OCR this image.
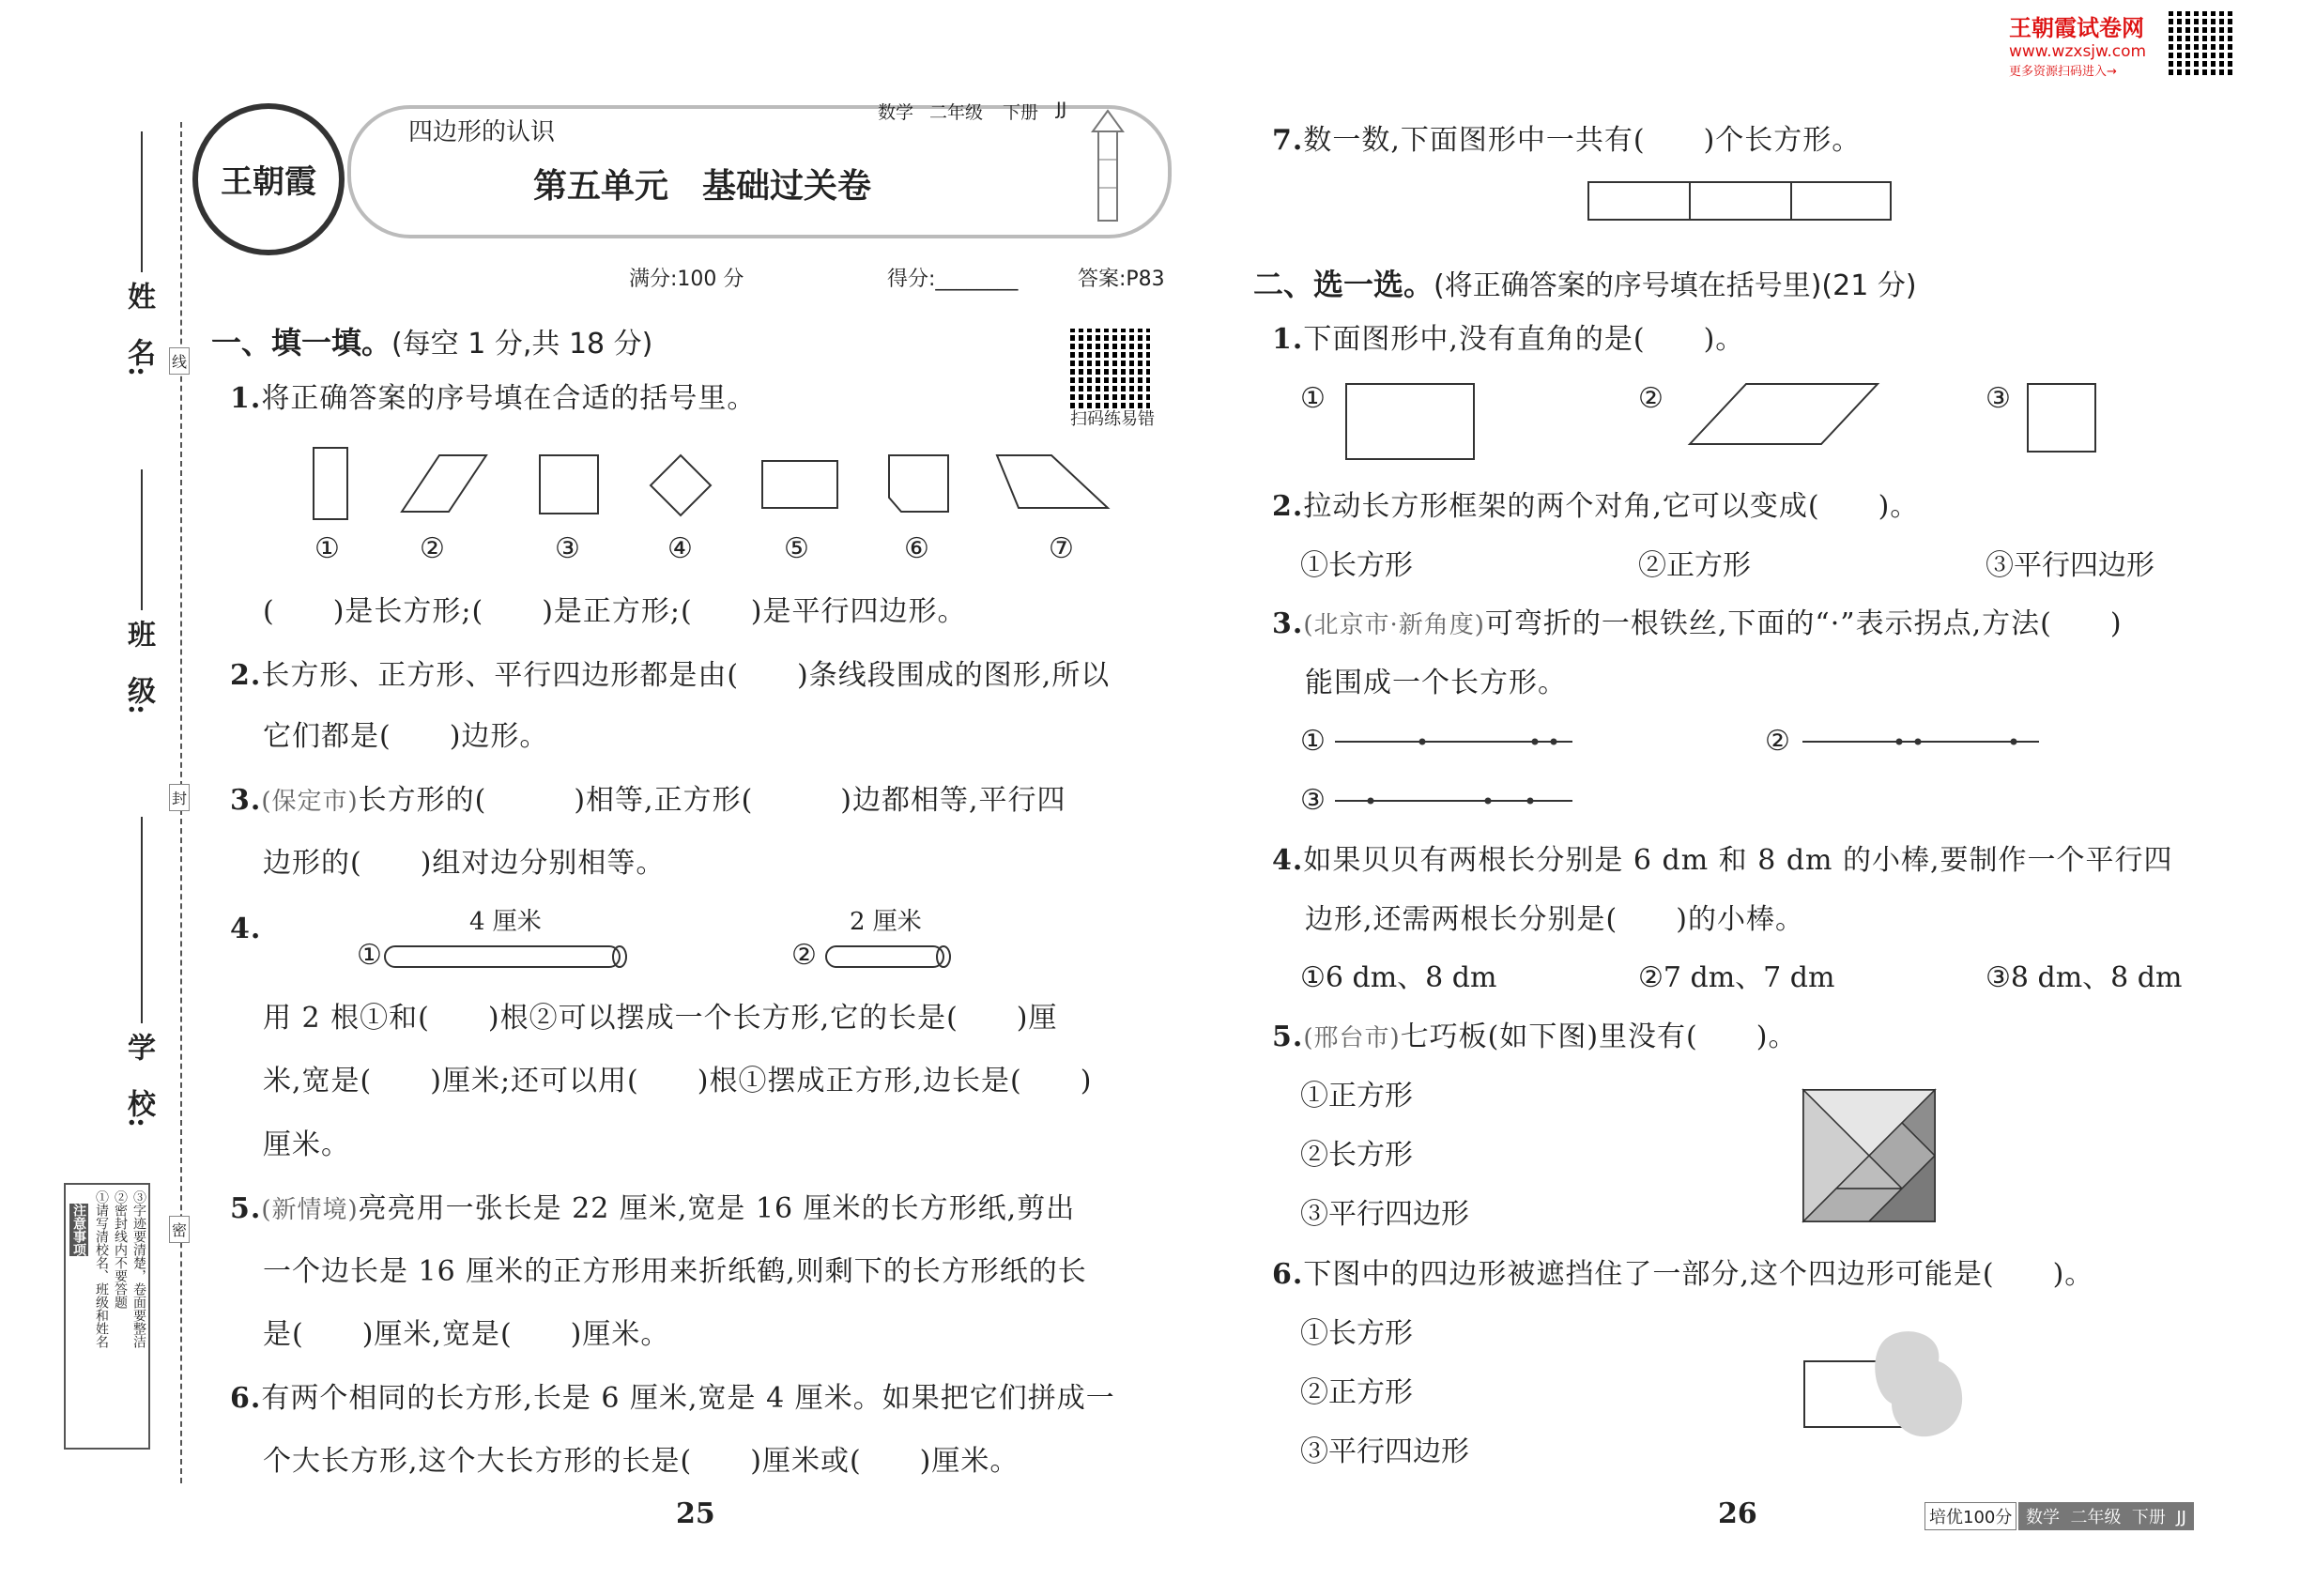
王朝霞试卷网
www.wzxsjw.com
更多资源扫码进入→
姓　名:
班　级:
学　校:
线
封
密
注意事项 ①请写清校名、班级和姓名 ②密封线内不要答题 ③字迹要清楚，卷面要整洁
王朝霞
四边形的认识
数学 二年级 下册 JJ
第五单元　基础过关卷
满分:100 分	得分:________	答案:P83
扫码练易错
一、填一填。(每空 1 分,共 18 分)
1.将正确答案的序号填在合适的括号里。
①	②	③	④	⑤	⑥	⑦
(　　)是长方形;(　　)是正方形;(　　)是平行四边形。
2.长方形、正方形、平行四边形都是由(　　)条线段围成的图形,所以
它们都是(　　)边形。
3.(保定市)长方形的(　　　)相等,正方形(　　　)边都相等,平行四
边形的(　　)组对边分别相等。
4.	4 厘米	2 厘米
①	②
用 2 根①和(　　)根②可以摆成一个长方形,它的长是(　　)厘
米,宽是(　　)厘米;还可以用(　　)根①摆成正方形,边长是(　　)
厘米。
5.(新情境)亮亮用一张长是 22 厘米,宽是 16 厘米的长方形纸,剪出
一个边长是 16 厘米的正方形用来折纸鹤,则剩下的长方形纸的长
是(　　)厘米,宽是(　　)厘米。
6.有两个相同的长方形,长是 6 厘米,宽是 4 厘米。如果把它们拼成一
个大长方形,这个大长方形的长是(　　)厘米或(　　)厘米。
25
7.数一数,下面图形中一共有(　　)个长方形。
二、选一选。(将正确答案的序号填在括号里)(21 分)
1.下面图形中,没有直角的是(　　)。
①	②	③
2.拉动长方形框架的两个对角,它可以变成(　　)。
①长方形	②正方形	③平行四边形
3.(北京市·新角度)可弯折的一根铁丝,下面的“·”表示拐点,方法(　　)
能围成一个长方形。
①	②
③
4.如果贝贝有两根长分别是 6 dm 和 8 dm 的小棒,要制作一个平行四
边形,还需两根长分别是(　　)的小棒。
①6 dm、8 dm	②7 dm、7 dm	③8 dm、8 dm
5.(邢台市)七巧板(如下图)里没有(　　)。
①正方形
②长方形
③平行四边形
6.下图中的四边形被遮挡住了一部分,这个四边形可能是(　　)。
①长方形
②正方形
③平行四边形
26	培优100分 数学  二年级  下册  JJ
